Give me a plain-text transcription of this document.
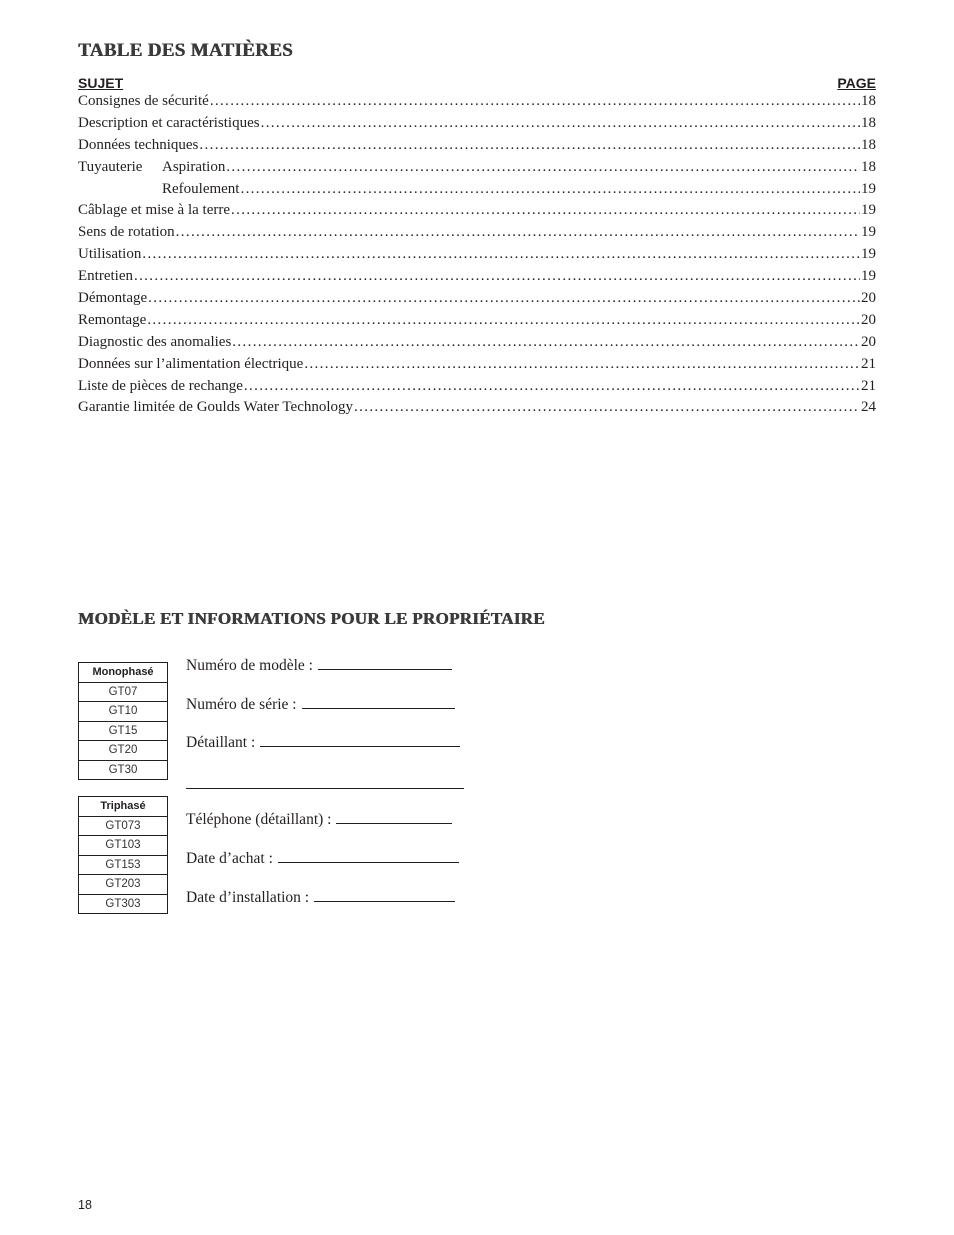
TABLE DES MATIÈRES
SUJET	PAGE
Consignes de sécurité . . .	18
Description et caractéristiques . . .	18
Données techniques . . .	18
Tuyauterie Aspiration . . .	18
Refoulement . . .	19
Câblage et mise à la terre . . .	19
Sens de rotation . . .	19
Utilisation . . .	19
Entretien . . .	19
Démontage . . .	20
Remontage . . .	20
Diagnostic des anomalies . . .	20
Données sur l’alimentation électrique . . .	21
Liste de pièces de rechange . . .	21
Garantie limitée de Goulds Water Technology . . .	24
MODÈLE ET INFORMATIONS POUR LE PROPRIÉTAIRE
Monophasé
GT07
GT10
GT15
GT20
GT30
Triphasé
GT073
GT103
GT153
GT203
GT303
Numéro de modèle :
Numéro de série :
Détaillant :
Téléphone (détaillant) :
Date d’achat :
Date d’installation :
18
